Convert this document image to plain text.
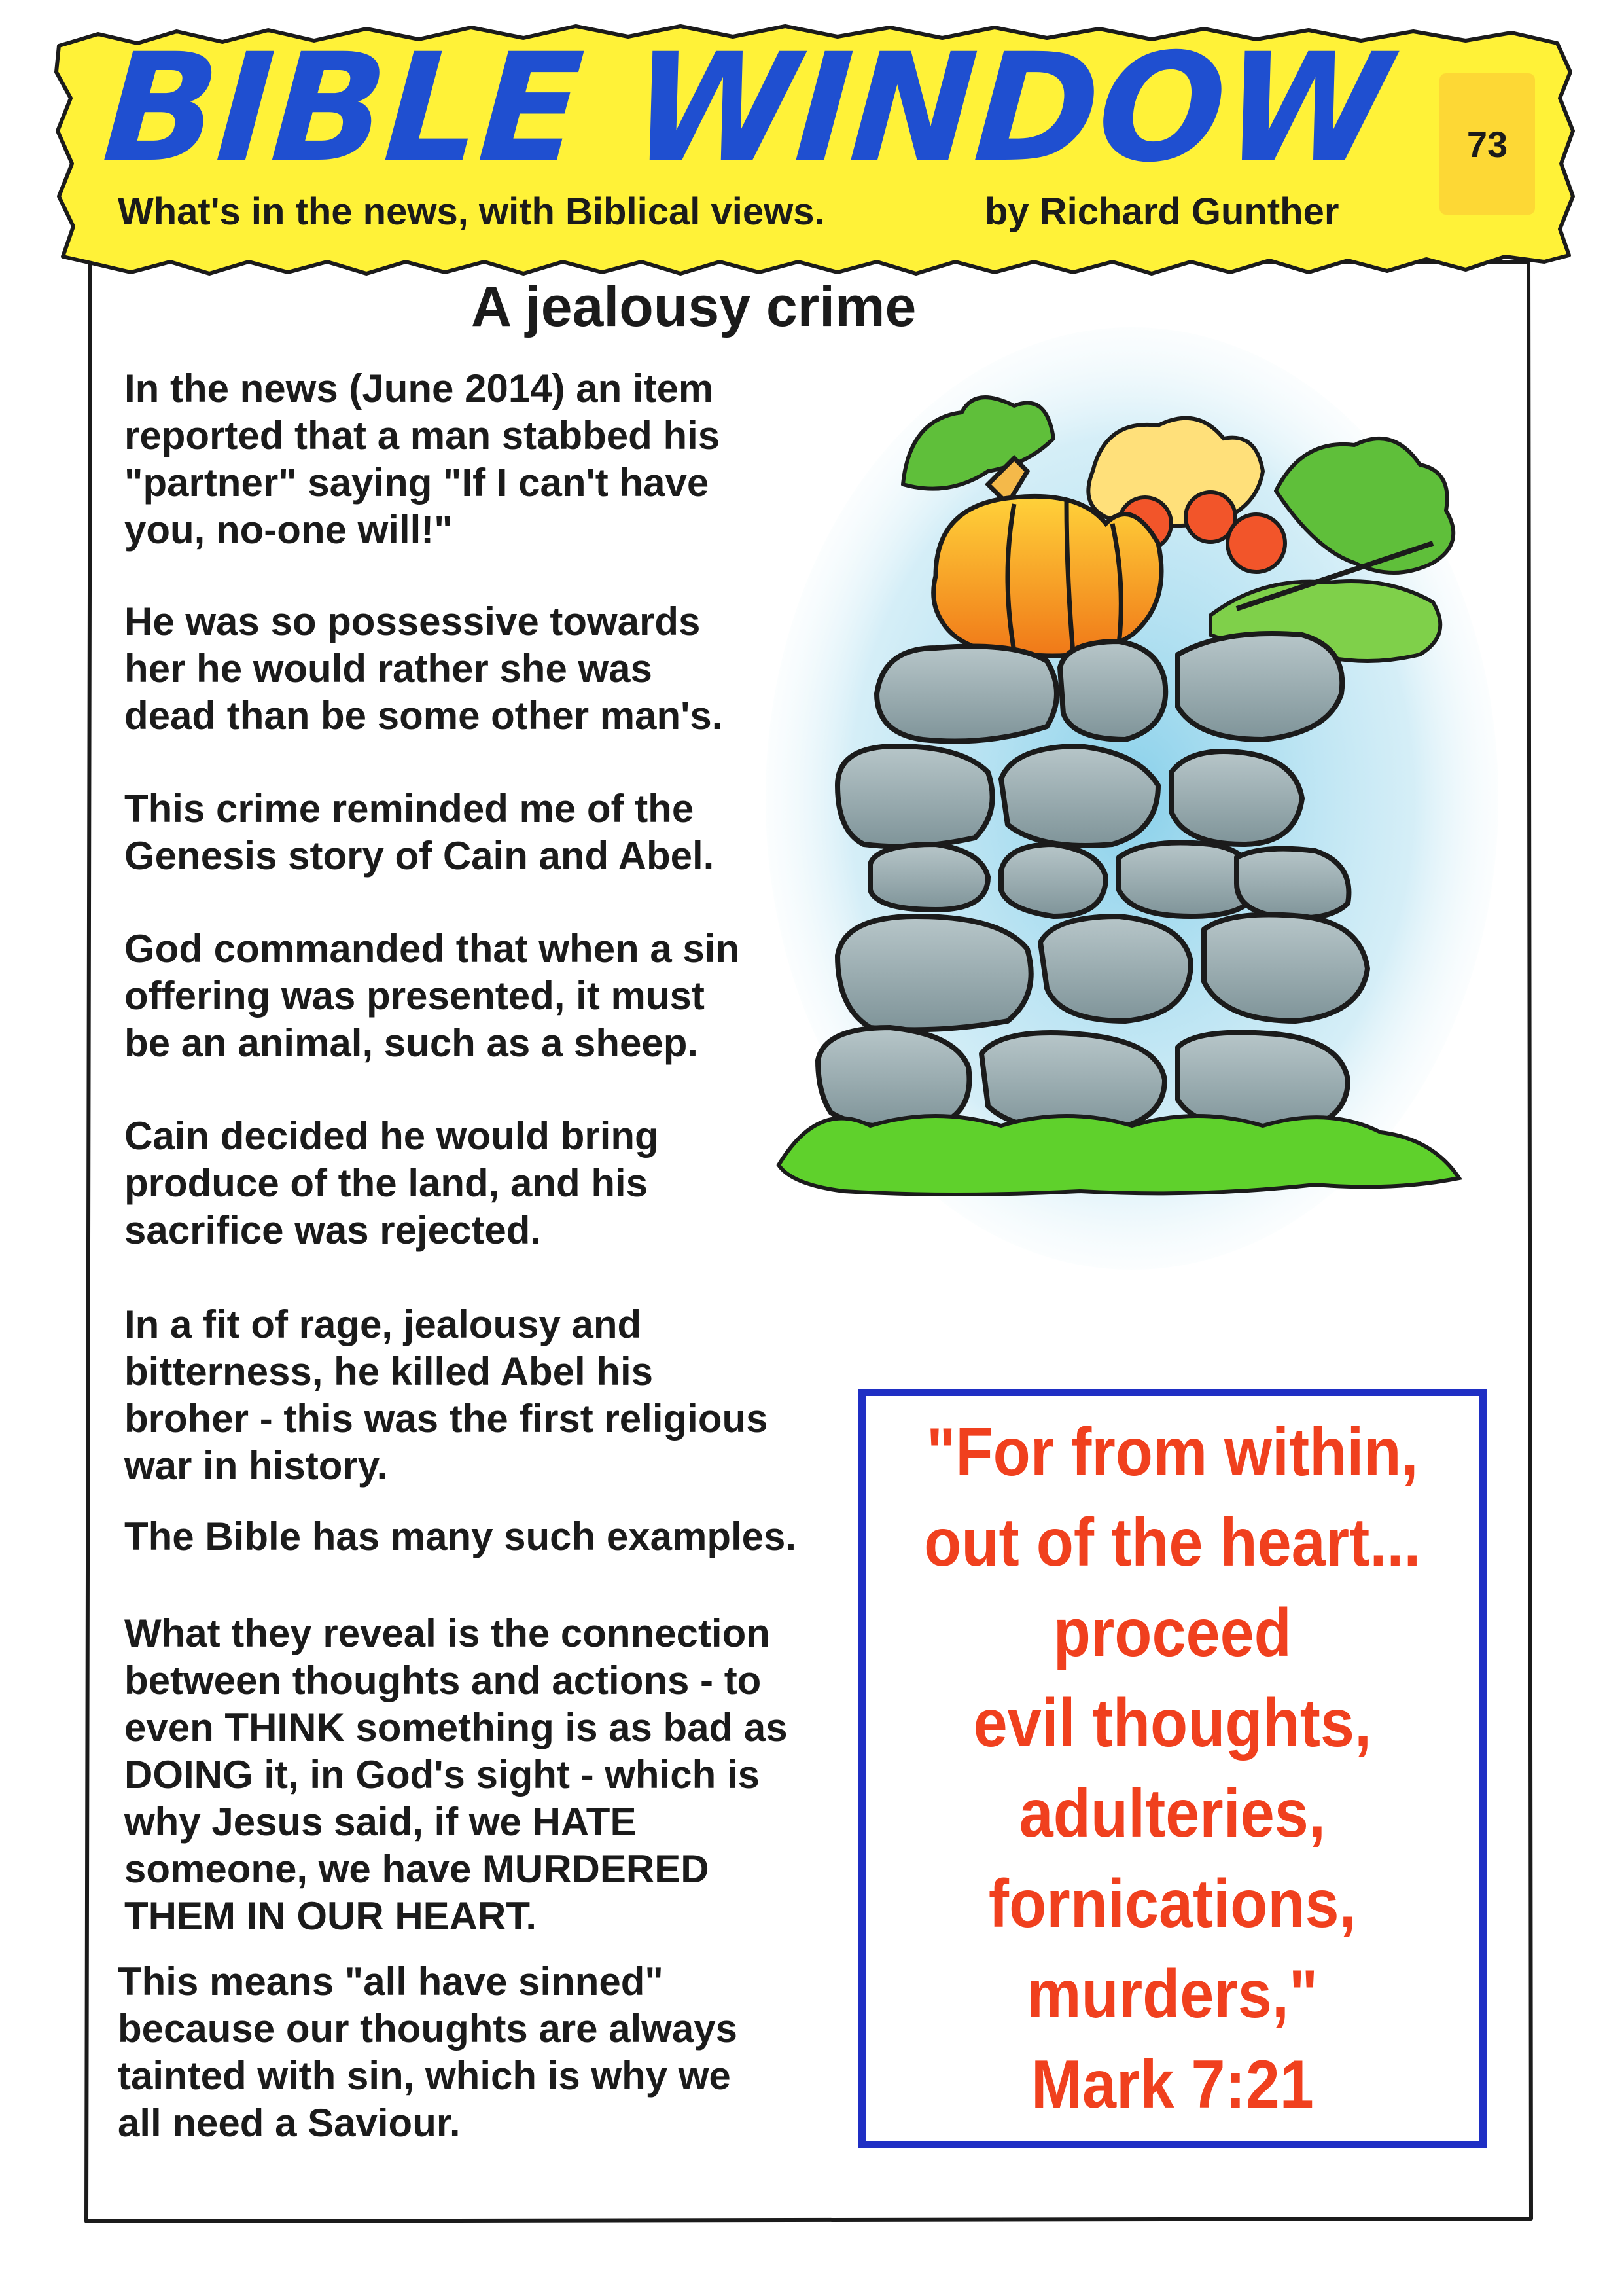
BIBLE WINDOW
What's in the news, with Biblical views.	by Richard Gunther
73
A jealousy crime

In the news (June 2014) an item
reported that a man stabbed his
"partner" saying "If I can't have
you, no-one will!"

He was so possessive towards
her he would rather she was
dead than be some other man's.

This crime reminded me of the
Genesis story of Cain and Abel.

God commanded that when a sin
offering was presented, it must
be an animal, such as a sheep.

Cain decided he would bring
produce of the land, and his
sacrifice was rejected.

In a fit of rage, jealousy and
bitterness, he killed Abel his
broher - this was the first religious
war in history.

The Bible has many such examples.

What they reveal is the connection
between thoughts and actions - to
even THINK something is as bad as
DOING it, in God's sight - which is
why Jesus said, if we HATE
someone, we have MURDERED
THEM IN OUR HEART.

This means "all have sinned"
because our thoughts are always
tainted with sin, which is why we
all need a Saviour.

"For from within,
out of the heart...
proceed
evil thoughts,
adulteries,
fornications,
murders,"

Mark 7:21
